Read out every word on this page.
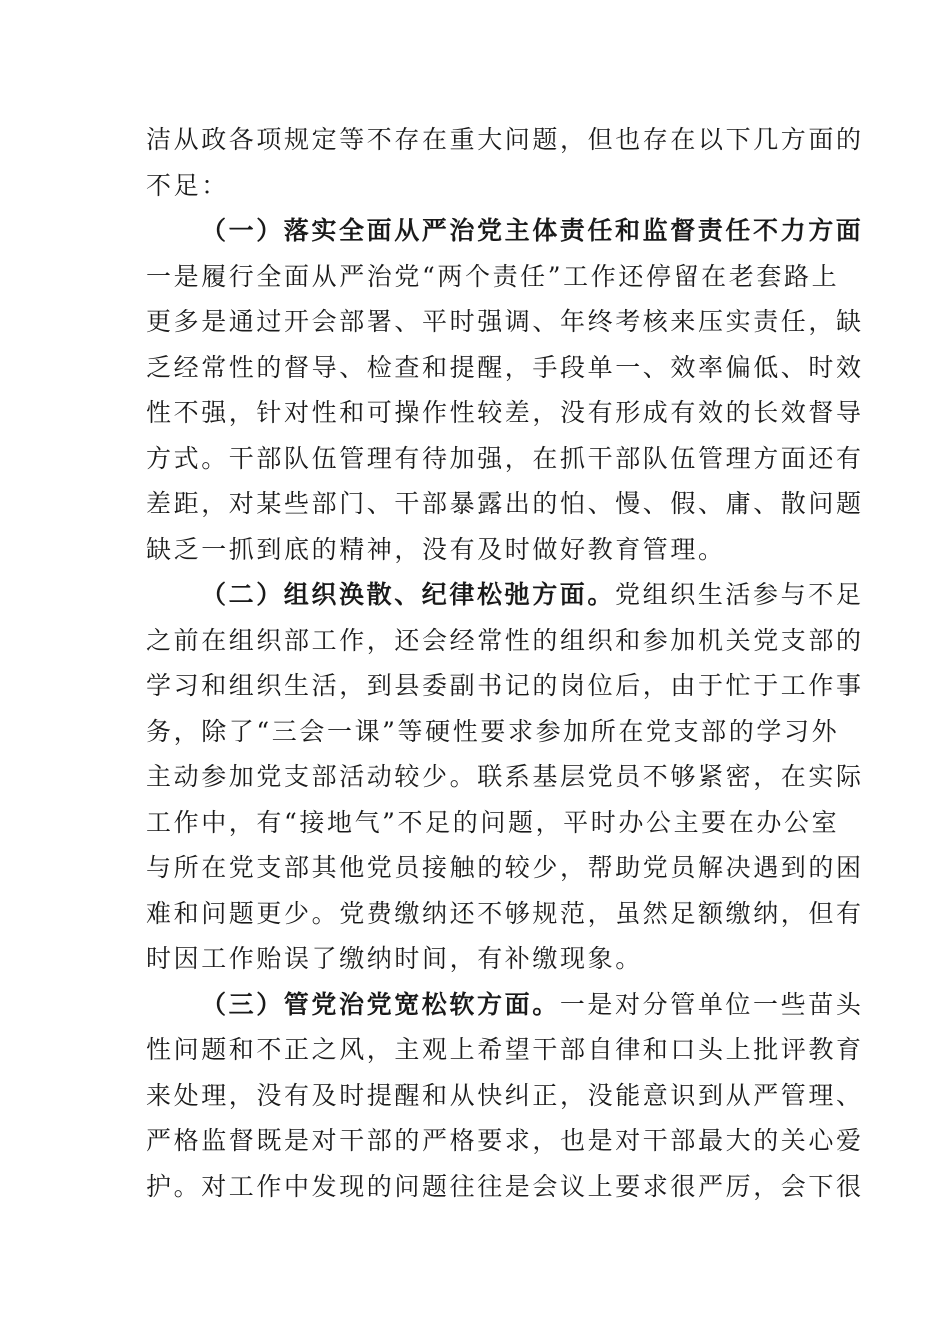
洁从政各项规定等不存在重大问题，但也存在以下几方面的
不足：
（一）落实全面从严治党主体责任和监督责任不力方面
一是履行全面从严治党“两个责任”工作还停留在老套路上
更多是通过开会部署、平时强调、年终考核来压实责任，缺
乏经常性的督导、检查和提醒，手段单一、效率偏低、时效
性不强，针对性和可操作性较差，没有形成有效的长效督导
方式。干部队伍管理有待加强，在抓干部队伍管理方面还有
差距，对某些部门、干部暴露出的怕、慢、假、庸、散问题
缺乏一抓到底的精神，没有及时做好教育管理。
（二）组织涣散、纪律松弛方面。党组织生活参与不足
之前在组织部工作，还会经常性的组织和参加机关党支部的
学习和组织生活，到县委副书记的岗位后，由于忙于工作事
务，除了“三会一课”等硬性要求参加所在党支部的学习外
主动参加党支部活动较少。联系基层党员不够紧密，在实际
工作中，有“接地气”不足的问题，平时办公主要在办公室
与所在党支部其他党员接触的较少，帮助党员解决遇到的困
难和问题更少。党费缴纳还不够规范，虽然足额缴纳，但有
时因工作贻误了缴纳时间，有补缴现象。
（三）管党治党宽松软方面。一是对分管单位一些苗头
性问题和不正之风，主观上希望干部自律和口头上批评教育
来处理，没有及时提醒和从快纠正，没能意识到从严管理、
严格监督既是对干部的严格要求，也是对干部最大的关心爱
护。对工作中发现的问题往往是会议上要求很严厉，会下很
